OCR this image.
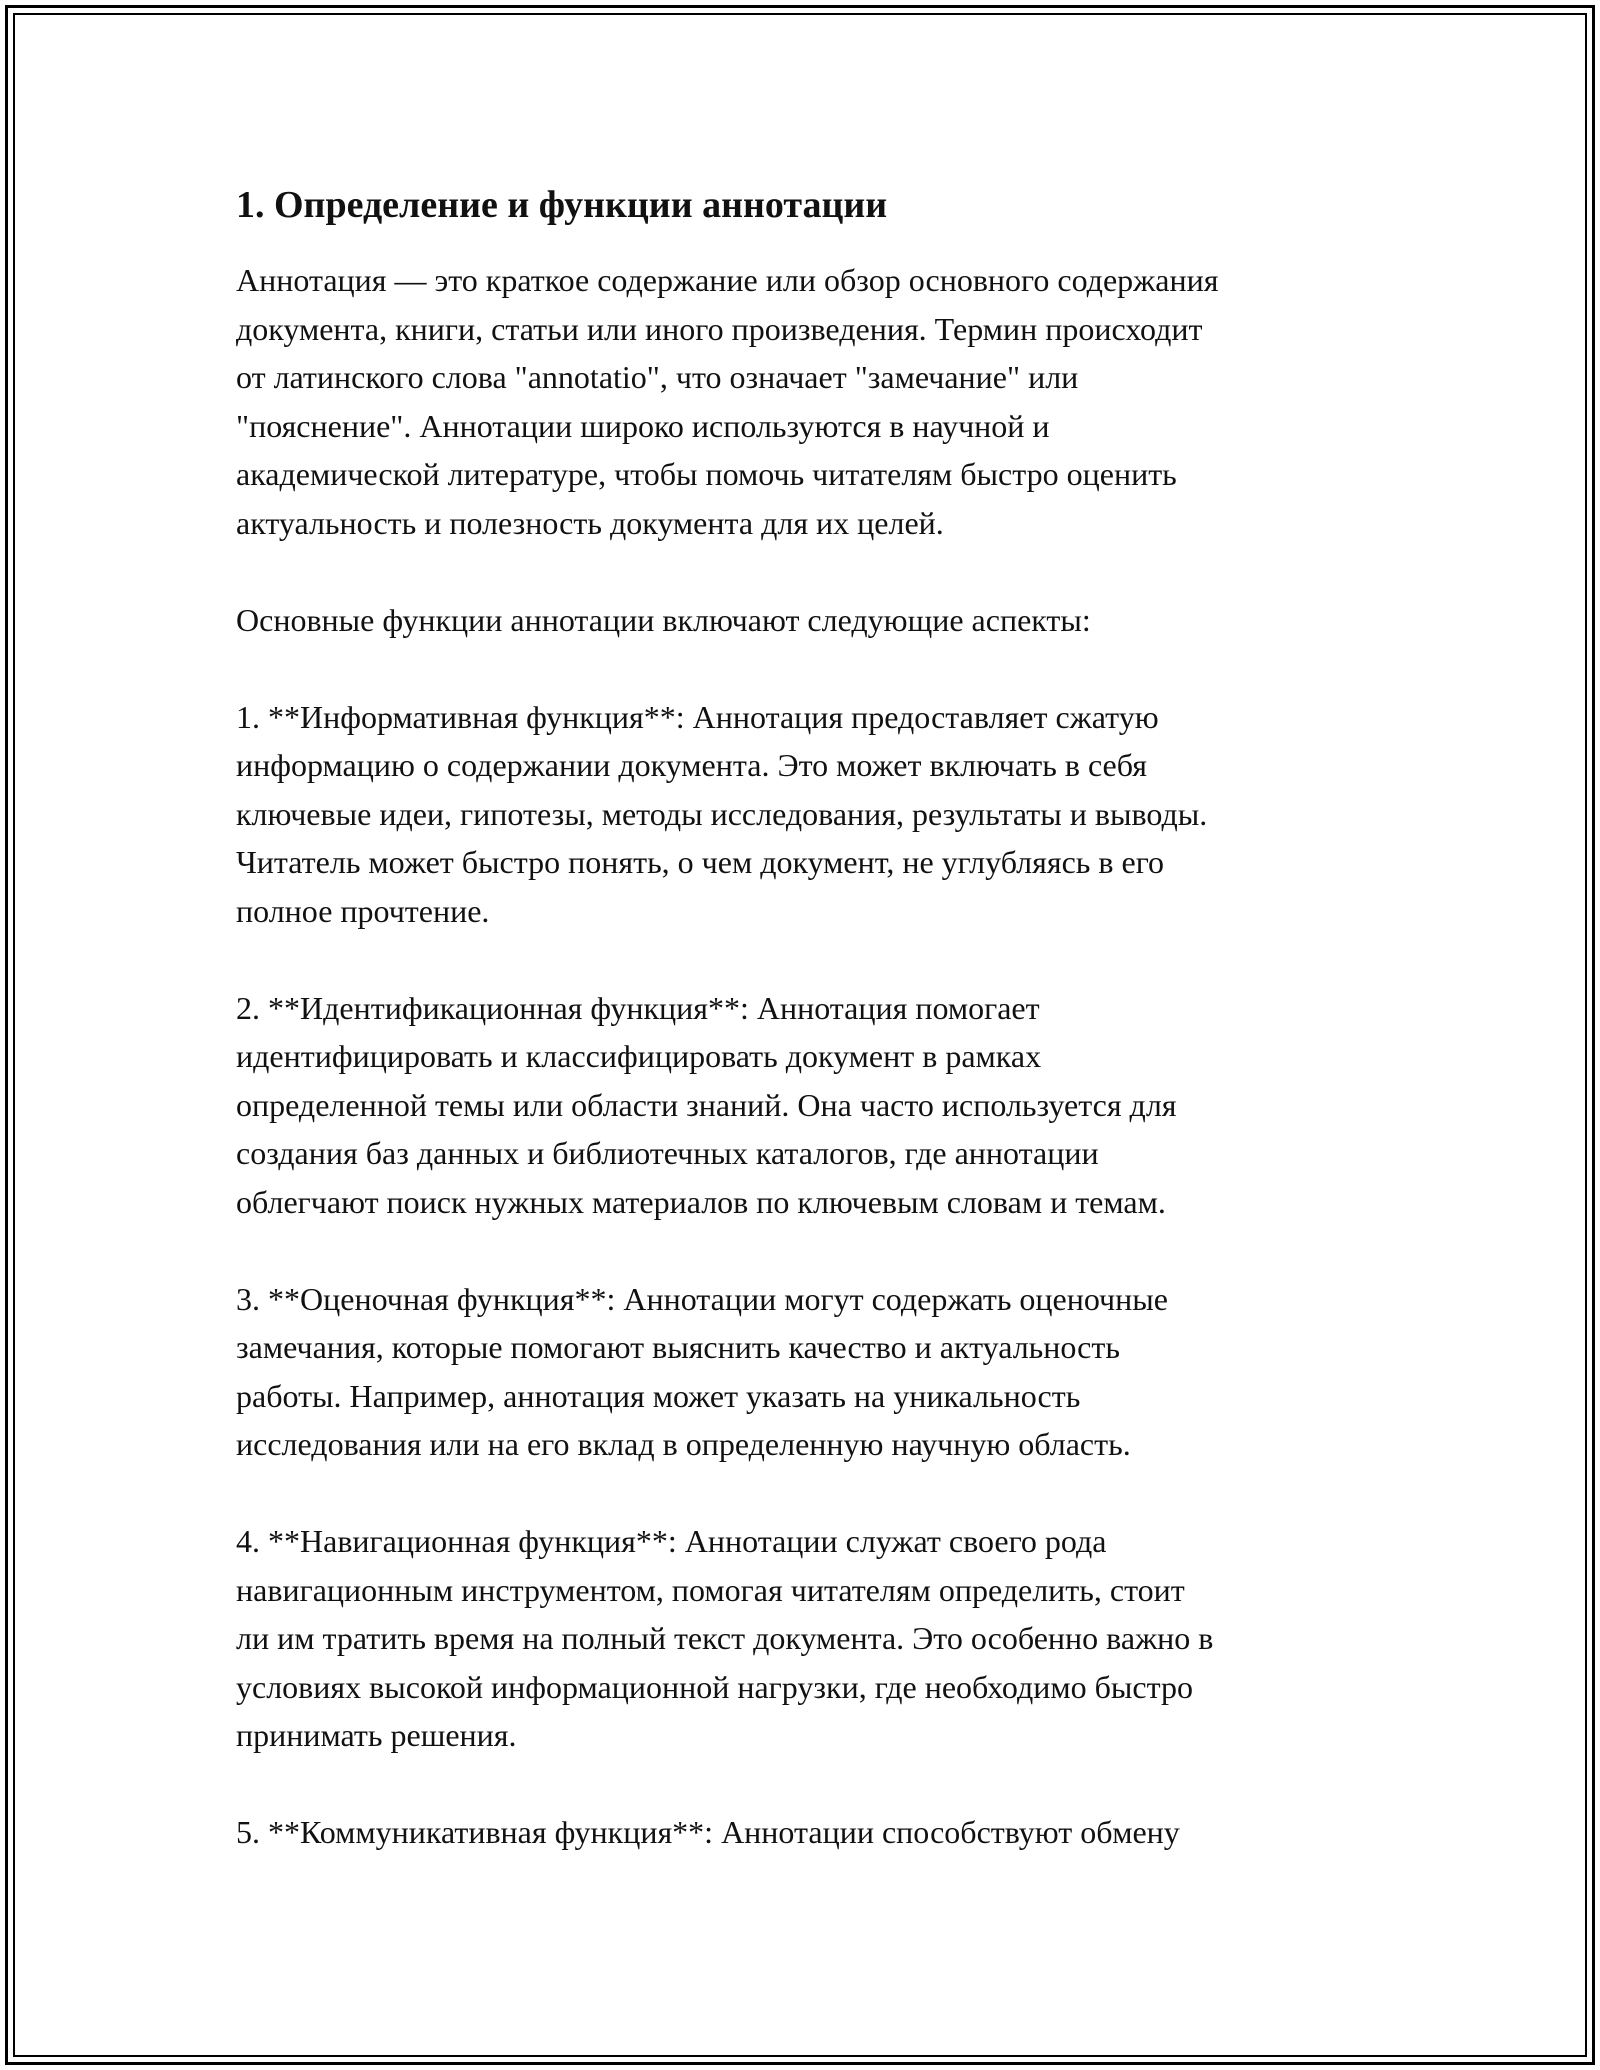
1. Определение и функции аннотации

Аннотация — это краткое содержание или обзор основного содержания
документа, книги, статьи или иного произведения. Термин происходит
от латинского слова "annotatio", что означает "замечание" или
"пояснение". Аннотации широко используются в научной и
академической литературе, чтобы помочь читателям быстро оценить
актуальность и полезность документа для их целей.

Основные функции аннотации включают следующие аспекты:

1. **Информативная функция**: Аннотация предоставляет сжатую
информацию о содержании документа. Это может включать в себя
ключевые идеи, гипотезы, методы исследования, результаты и выводы.
Читатель может быстро понять, о чем документ, не углубляясь в его
полное прочтение.

2. **Идентификационная функция**: Аннотация помогает
идентифицировать и классифицировать документ в рамках
определенной темы или области знаний. Она часто используется для
создания баз данных и библиотечных каталогов, где аннотации
облегчают поиск нужных материалов по ключевым словам и темам.

3. **Оценочная функция**: Аннотации могут содержать оценочные
замечания, которые помогают выяснить качество и актуальность
работы. Например, аннотация может указать на уникальность
исследования или на его вклад в определенную научную область.

4. **Навигационная функция**: Аннотации служат своего рода
навигационным инструментом, помогая читателям определить, стоит
ли им тратить время на полный текст документа. Это особенно важно в
условиях высокой информационной нагрузки, где необходимо быстро
принимать решения.

5. **Коммуникативная функция**: Аннотации способствуют обмену
